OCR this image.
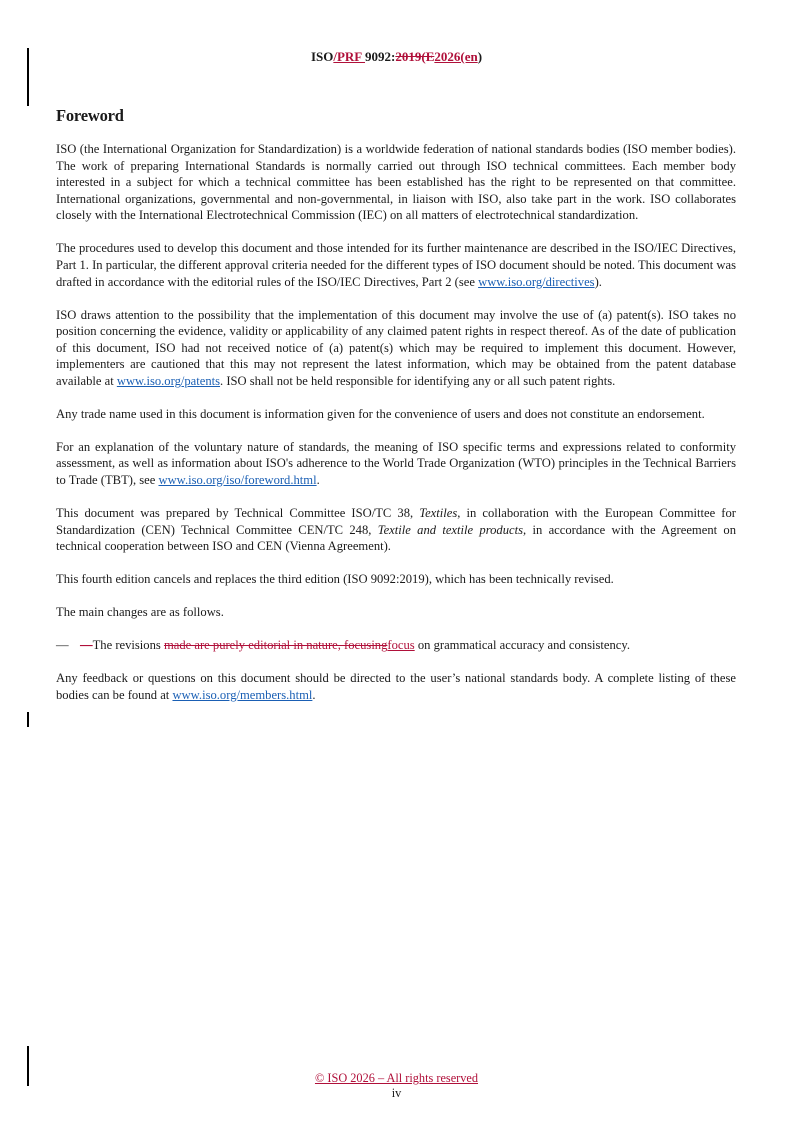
ISO/PRF 9092:2019(E2026(en)
Foreword

ISO (the International Organization for Standardization) is a worldwide federation of national standards bodies (ISO member bodies). The work of preparing International Standards is normally carried out through ISO technical committees. Each member body interested in a subject for which a technical committee has been established has the right to be represented on that committee. International organizations, governmental and non-governmental, in liaison with ISO, also take part in the work. ISO collaborates closely with the International Electrotechnical Commission (IEC) on all matters of electrotechnical standardization.

The procedures used to develop this document and those intended for its further maintenance are described in the ISO/IEC Directives, Part 1. In particular, the different approval criteria needed for the different types of ISO document should be noted. This document was drafted in accordance with the editorial rules of the ISO/IEC Directives, Part 2 (see www.iso.org/directives).

ISO draws attention to the possibility that the implementation of this document may involve the use of (a) patent(s). ISO takes no position concerning the evidence, validity or applicability of any claimed patent rights in respect thereof. As of the date of publication of this document, ISO had not received notice of (a) patent(s) which may be required to implement this document. However, implementers are cautioned that this may not represent the latest information, which may be obtained from the patent database available at www.iso.org/patents. ISO shall not be held responsible for identifying any or all such patent rights.

Any trade name used in this document is information given for the convenience of users and does not constitute an endorsement.

For an explanation of the voluntary nature of standards, the meaning of ISO specific terms and expressions related to conformity assessment, as well as information about ISO's adherence to the World Trade Organization (WTO) principles in the Technical Barriers to Trade (TBT), see www.iso.org/iso/foreword.html.

This document was prepared by Technical Committee ISO/TC 38, Textiles, in collaboration with the European Committee for Standardization (CEN) Technical Committee CEN/TC 248, Textile and textile products, in accordance with the Agreement on technical cooperation between ISO and CEN (Vienna Agreement).

This fourth edition cancels and replaces the third edition (ISO 9092:2019), which has been technically revised.

The main changes are as follows.

— —The revisions made are purely editorial in nature, focusingfocus on grammatical accuracy and consistency.

Any feedback or questions on this document should be directed to the user’s national standards body. A complete listing of these bodies can be found at www.iso.org/members.html.

© ISO 2026 – All rights reserved
iv
